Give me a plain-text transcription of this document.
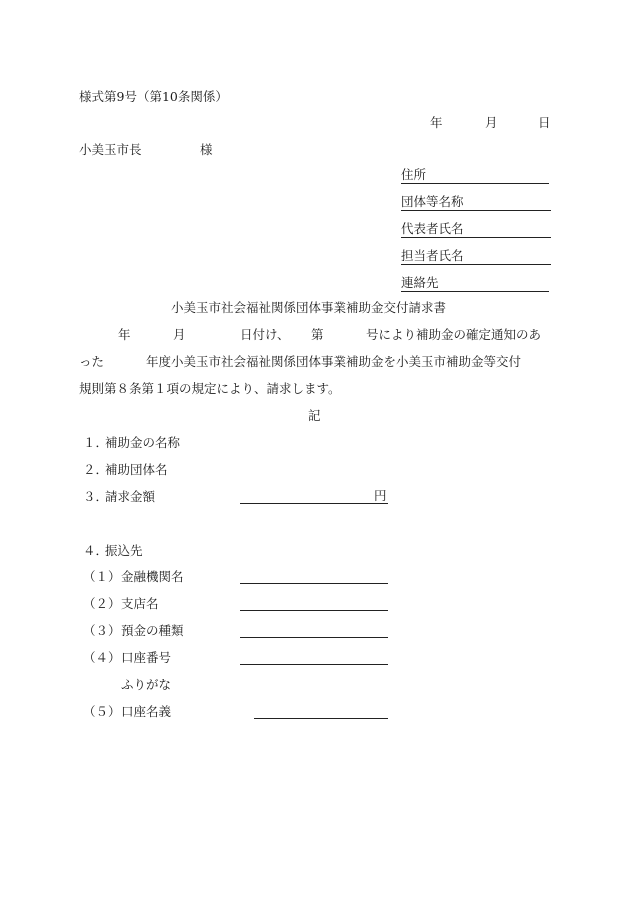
様式第9号（第10条関係）
年	月	日
小美玉市長	様
住所
団体等名称
代表者氏名
担当者氏名
連絡先
小美玉市社会福祉関係団体事業補助金交付請求書
年	月	日付け、 第	号により補助金の確定通知のあ
った	年度小美玉市社会福祉関係団体事業補助金を小美玉市補助金等交付
規則第８条第１項の規定により、請求します。
記
１．
補助金の名称
２．
補助団体名
３．
請求金額	円
４．
振込先
（１） 金融機関名
（２） 支店名
（３） 預金の種類
（４） 口座番号
ふりがな
（５） 口座名義
